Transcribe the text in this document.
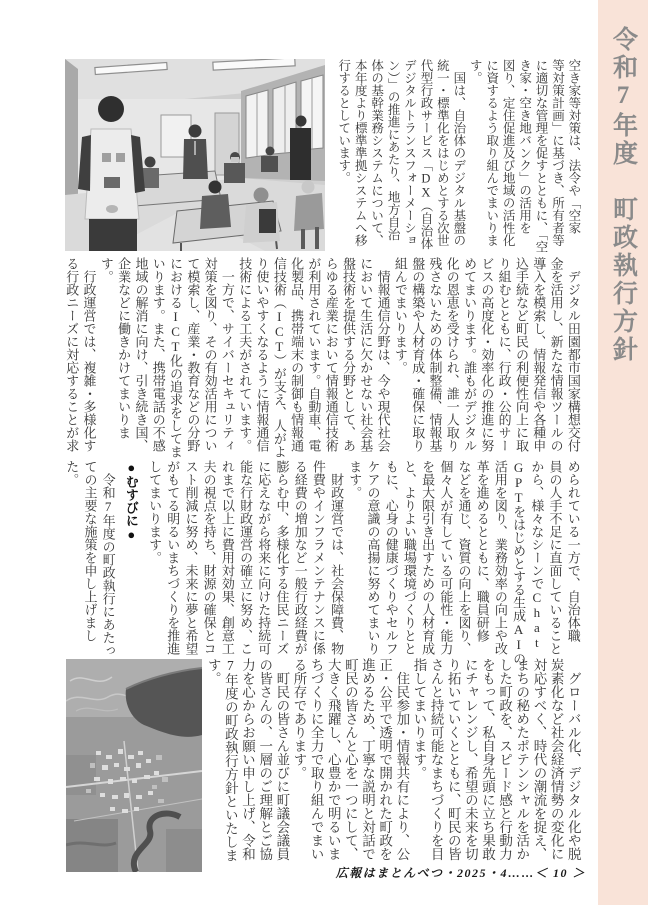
令和7年度　町政執行方針
空き家等対策は、法令や「空家
等対策計画」に基づき、所有者等
に適切な管理を促すとともに、「空
き家・空き地バンク」の活用を
図り、定住促進及び地域の活性化
に資するよう取り組んでまいりま
す。
　国は、自治体のデジタル基盤の
統一・標準化をはじめとする次世
代型行政サービス「DX（自治体
デジタルトランスフォーメーショ
ン）」の推進にあたり、地方自治
体の基幹業務システムについて、
本年度より標準準拠システムへ移
行するとしています。
　デジタル田園都市国家構想交付
金を活用し、新たな情報ツールの
導入を模索し、情報発信や各種申
込手続など町民の利便性向上に取
り組むとともに、行政・公的サー
ビスの高度化・効率化の推進に努
めてまいります。誰もがデジタル
化の恩恵を受けられ、誰一人取り
残さないための体制整備、情報基
盤の構築や人材育成・確保に取り
組んでまいります。
　情報通信分野は、今や現代社会
において生活に欠かせない社会基
盤技術を提供する分野として、あ
らゆる産業において情報通信技術
が利用されています。自動車、電
化製品、携帯端末の制御も情報通
信技術（ICT）が支え、人がよ
り使いやすくなるように情報通信
技術による工夫がされています。
　一方で、サイバーセキュリティ
対策を図り、その有効活用につい
て模索し、産業・教育などの分野
におけるICT化の追求をしてま
いります。また、携帯電話の不感
地域の解消に向け、引き続き国、
企業などに働きかけてまいりま
す。
　行政運営では、複雑・多様化す
る行政ニーズに対応することが求
められている一方で、自治体職
員の人手不足に直面していること
から、様々なシーンでChat
GPTをはじめとする生成AIの
活用を図り、業務効率の向上や改
革を進めるとともに、職員研修
などを通じ、資質の向上を図り、
個々人が有している可能性・能力
を最大限引き出すための人材育成
と、よりよい職場環境づくりとと
もに、心身の健康づくりやセルフ
ケアの意識の高揚に努めてまいり
ます。
　財政運営では、社会保障費、物
件費やインフラメンテナンスに係
る経費の増加など一般行政経費が
膨らむ中、多様化する住民ニーズ
に応えながら将来に向けた持続可
能な行財政運営の確立に努め、こ
れまで以上に費用対効果、創意工
夫の視点を持ち、財源の確保とコ
スト削減に努め、未来に夢と希望
がもてる明るいまちづくりを推進
してまいります。
●むすびに●
　令和7年度の町政執行にあたっ
ての主要な施策を申し上げまし
た。
　グローバル化、デジタル化や脱
炭素化など社会経済情勢の変化に
対応すべく、時代の潮流を捉え、
まちの秘めたポテンシャルを活か
した町政を、スピード感と行動力
をもって、私自身先頭に立ち果敢
にチャレンジし、希望の未来を切
り拓いていくとともに、町民の皆
さんと持続可能なまちづくりを目
指してまいります。
　住民参加・情報共有により、公
正・公平で透明で開かれた町政を
進めるため、丁寧な説明と対話で
町民の皆さんと心を一つにして、
大きく飛躍し、心豊かで明るいま
ちづくりに全力で取り組んでまい
る所存であります。
　町民の皆さん並びに町議会議員
の皆さんの、一層のご理解とご協
力を心からお願い申し上げ、令和
7年度の町政執行方針といたしま
す。
広報はまとんべつ・2025・4……＜ 10 ＞
